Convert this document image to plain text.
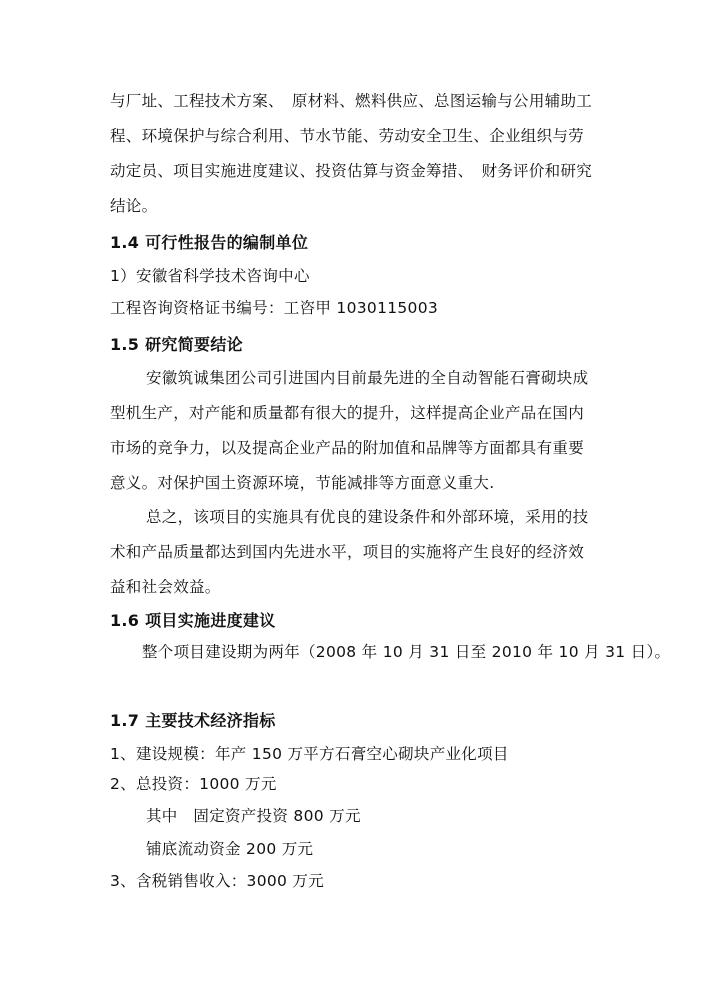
与厂址、工程技术方案、　原材料、燃料供应、总图运输与公用辅助工
程、环境保护与综合利用、节水节能、劳动安全卫生、企业组织与劳
动定员、项目实施进度建议、投资估算与资金筹措、　财务评价和研究
结论。
1.4 可行性报告的编制单位
1）安徽省科学技术咨询中心
工程咨询资格证书编号：工咨甲 1030115003
1.5 研究简要结论
安徽筑诚集团公司引进国内目前最先进的全自动智能石膏砌块成
型机生产，对产能和质量都有很大的提升，这样提高企业产品在国内
市场的竞争力，以及提高企业产品的附加值和品牌等方面都具有重要
意义。对保护国土资源环境，节能减排等方面意义重大.
总之，该项目的实施具有优良的建设条件和外部环境，采用的技
术和产品质量都达到国内先进水平，项目的实施将产生良好的经济效
益和社会效益。
1.6 项目实施进度建议
整个项目建设期为两年（2008 年 10 月 31 日至 2010 年 10 月 31 日）。
1.7 主要技术经济指标
1、建设规模：年产 150 万平方石膏空心砌块产业化项目
2、总投资：1000 万元
其中　固定资产投资 800 万元
铺底流动资金 200 万元
3、含税销售收入：3000 万元
